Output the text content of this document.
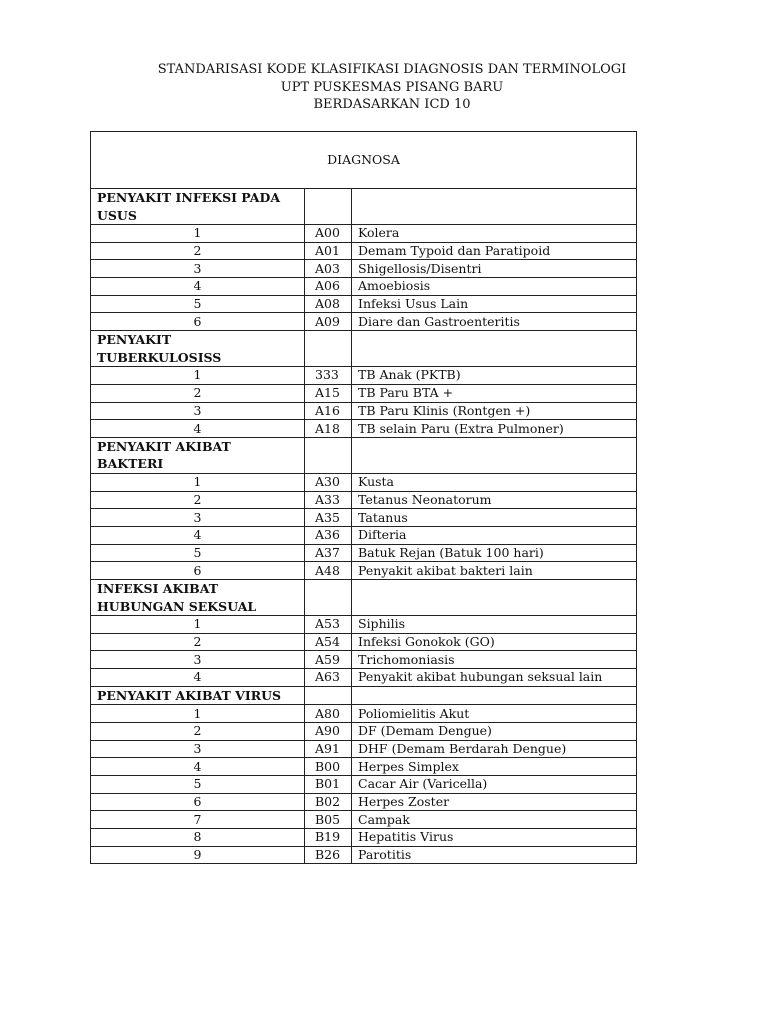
STANDARISASI KODE KLASIFIKASI DIAGNOSIS DAN TERMINOLOGI
UPT PUSKESMAS PISANG BARU
BERDASARKAN ICD 10
DIAGNOSA		
PENYAKIT INFEKSI PADA USUS		
1	A00	Kolera
2	A01	Demam Typoid dan Paratipoid
3	A03	Shigellosis/Disentri
4	A06	Amoebiosis
5	A08	Infeksi Usus Lain
6	A09	Diare dan Gastroenteritis
PENYAKIT TUBERKULOSISS		
1	333	TB Anak (PKTB)
2	A15	TB Paru BTA +
3	A16	TB Paru Klinis (Rontgen +)
4	A18	TB selain Paru (Extra Pulmoner)
PENYAKIT AKIBAT BAKTERI		
1	A30	Kusta
2	A33	Tetanus Neonatorum
3	A35	Tatanus
4	A36	Difteria
5	A37	Batuk Rejan (Batuk 100 hari)
6	A48	Penyakit akibat bakteri lain
INFEKSI AKIBAT HUBUNGAN SEKSUAL		
1	A53	Siphilis
2	A54	Infeksi Gonokok (GO)
3	A59	Trichomoniasis
4	A63	Penyakit akibat hubungan seksual lain
PENYAKIT AKIBAT VIRUS		
1	A80	Poliomielitis Akut
2	A90	DF (Demam Dengue)
3	A91	DHF (Demam Berdarah Dengue)
4	B00	Herpes Simplex
5	B01	Cacar Air (Varicella)
6	B02	Herpes Zoster
7	B05	Campak
8	B19	Hepatitis Virus
9	B26	Parotitis
